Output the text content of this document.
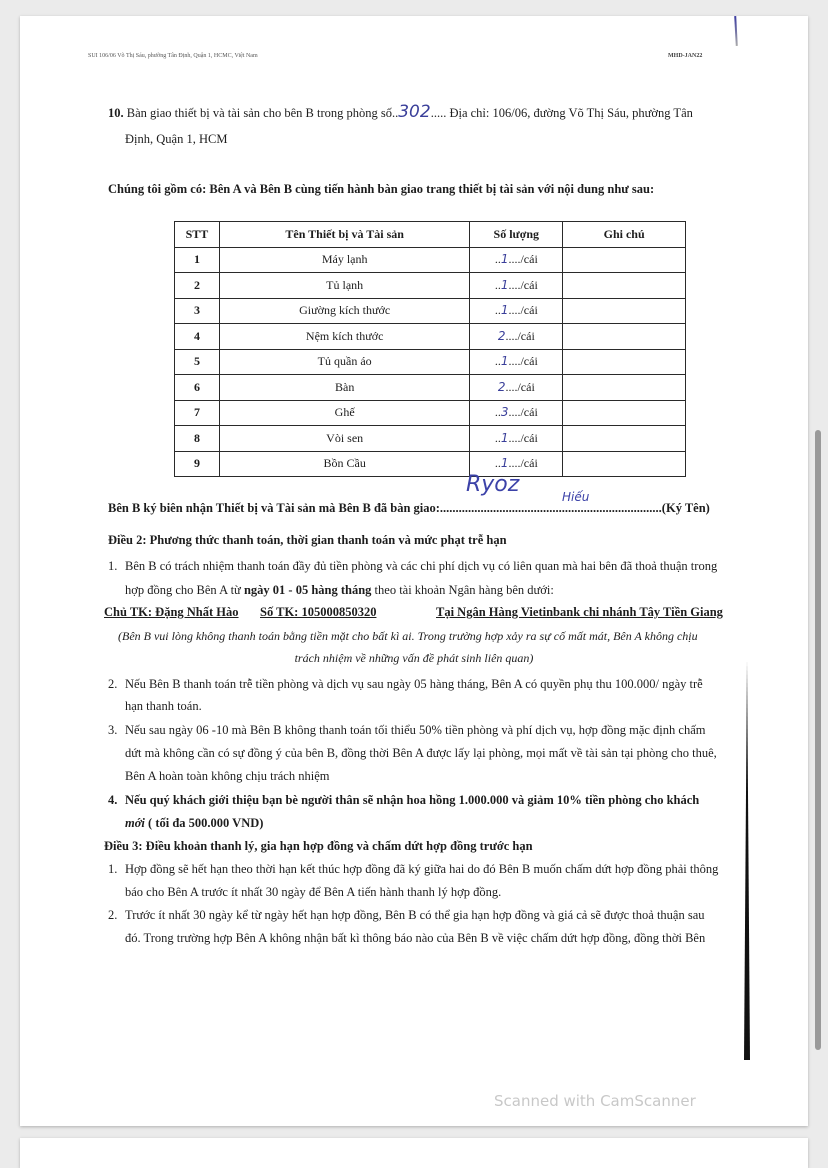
SUI 106/06 Võ Thị Sáu, phường Tân Định, Quận 1, HCMC, Việt Nam	MHD-JAN22
10. Bàn giao thiết bị và tài sản cho bên B trong phòng số..302..... Địa chỉ: 106/06, đường Võ Thị Sáu, phường Tân
Định, Quận 1, HCM
Chúng tôi gồm có: Bên A và Bên B cùng tiến hành bàn giao trang thiết bị tài sản với nội dung như sau:
STT	Tên Thiết bị và Tài sản	Số lượng	Ghi chú
1	Máy lạnh	..1..../cái	
2	Tủ lạnh	..1..../cái	
3	Giường kích thước	..1..../cái	
4	Nệm kích thước	2..../cái	
5	Tủ quần áo	..1..../cái	
6	Bàn	2..../cái	
7	Ghế	..3..../cái	
8	Vòi sen	..1..../cái	
9	Bồn Cầu	..1..../cái	
Bên B ký biên nhận Thiết bị và Tài sản mà Bên B đã bàn giao:.......................................................................(Ký Tên)
Ryoz	Hiếu
Điều 2: Phương thức thanh toán, thời gian thanh toán và mức phạt trễ hạn
1. Bên B có trách nhiệm thanh toán đầy đủ tiền phòng và các chi phí dịch vụ có liên quan mà hai bên đã thoả thuận trong
hợp đồng cho Bên A từ ngày 01 - 05 hàng tháng theo tài khoản Ngân hàng bên dưới:
Chủ TK: Đặng Nhất Hào Số TK: 105000850320	Tại Ngân Hàng Vietinbank chi nhánh Tây Tiền Giang
(Bên B vui lòng không thanh toán bằng tiền mặt cho bất kì ai. Trong trường hợp xảy ra sự cố mất mát, Bên A không chịu
trách nhiệm về những vấn đề phát sinh liên quan)
2. Nếu Bên B thanh toán trễ tiền phòng và dịch vụ sau ngày 05 hàng tháng, Bên A có quyền phụ thu 100.000/ ngày trễ
hạn thanh toán.
3. Nếu sau ngày 06 -10 mà Bên B không thanh toán tối thiểu 50% tiền phòng và phí dịch vụ, hợp đồng mặc định chấm
dứt mà không cần có sự đồng ý của bên B, đồng thời Bên A được lấy lại phòng, mọi mất về tài sản tại phòng cho thuê,
Bên A hoàn toàn không chịu trách nhiệm
4. Nếu quý khách giới thiệu bạn bè người thân sẽ nhận hoa hồng 1.000.000 và giảm 10% tiền phòng cho khách
mới ( tối đa 500.000 VND)
Điều 3: Điều khoản thanh lý, gia hạn hợp đồng và chấm dứt hợp đồng trước hạn
1. Hợp đồng sẽ hết hạn theo thời hạn kết thúc hợp đồng đã ký giữa hai do đó Bên B muốn chấm dứt hợp đồng phải thông
báo cho Bên A trước ít nhất 30 ngày để Bên A tiến hành thanh lý hợp đồng.
2. Trước ít nhất 30 ngày kể từ ngày hết hạn hợp đồng, Bên B có thể gia hạn hợp đồng và giá cả sẽ được thoả thuận sau
đó. Trong trường hợp Bên A không nhận bất kì thông báo nào của Bên B về việc chấm dứt hợp đồng, đồng thời Bên
Scanned with CamScanner
